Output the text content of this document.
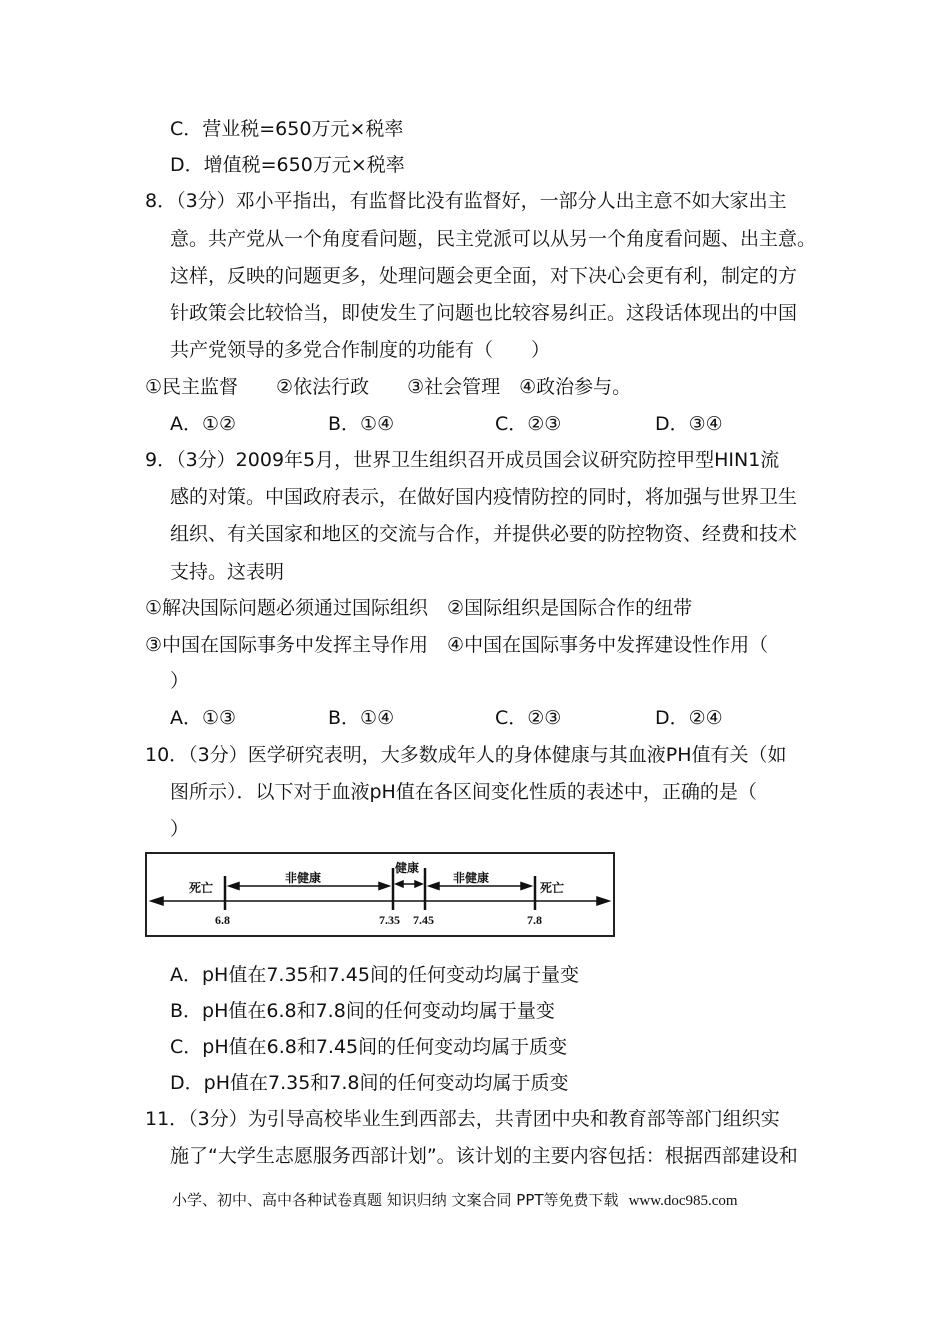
C．营业税=650万元×税率
D．增值税=650万元×税率
8．（3分）邓小平指出，有监督比没有监督好，一部分人出主意不如大家出主
意。共产党从一个角度看问题，民主党派可以从另一个角度看问题、出主意。
这样，反映的问题更多，处理问题会更全面，对下决心会更有利，制定的方
针政策会比较恰当，即使发生了问题也比较容易纠正。这段话体现出的中国
共产党领导的多党合作制度的功能有（　　）
①民主监督　　②依法行政　　③社会管理　④政治参与。
A．①②	B．①④	C．②③	D．③④
9．（3分）2009年5月，世界卫生组织召开成员国会议研究防控甲型HIN1流
感的对策。中国政府表示，在做好国内疫情防控的同时，将加强与世界卫生
组织、有关国家和地区的交流与合作，并提供必要的防控物资、经费和技术
支持。这表明
①解决国际问题必须通过国际组织　②国际组织是国际合作的纽带
③中国在国际事务中发挥主导作用　④中国在国际事务中发挥建设性作用（
）
A．①③	B．①④	C．②③	D．②④
10．（3分）医学研究表明，大多数成年人的身体健康与其血液PH值有关（如
图所示）．以下对于血液pH值在各区间变化性质的表述中，正确的是（
）
死亡
非健康
健康
非健康
死亡
6.8	7.35 7.45	7.8
A．pH值在7.35和7.45间的任何变动均属于量变
B．pH值在6.8和7.8间的任何变动均属于量变
C．pH值在6.8和7.45间的任何变动均属于质变
D．pH值在7.35和7.8间的任何变动均属于质变
11．（3分）为引导高校毕业生到西部去，共青团中央和教育部等部门组织实
施了“大学生志愿服务西部计划”。该计划的主要内容包括：根据西部建设和
小学、初中、高中各种试卷真题 知识归纳 文案合同 PPT等免费下载 www.doc985.com
